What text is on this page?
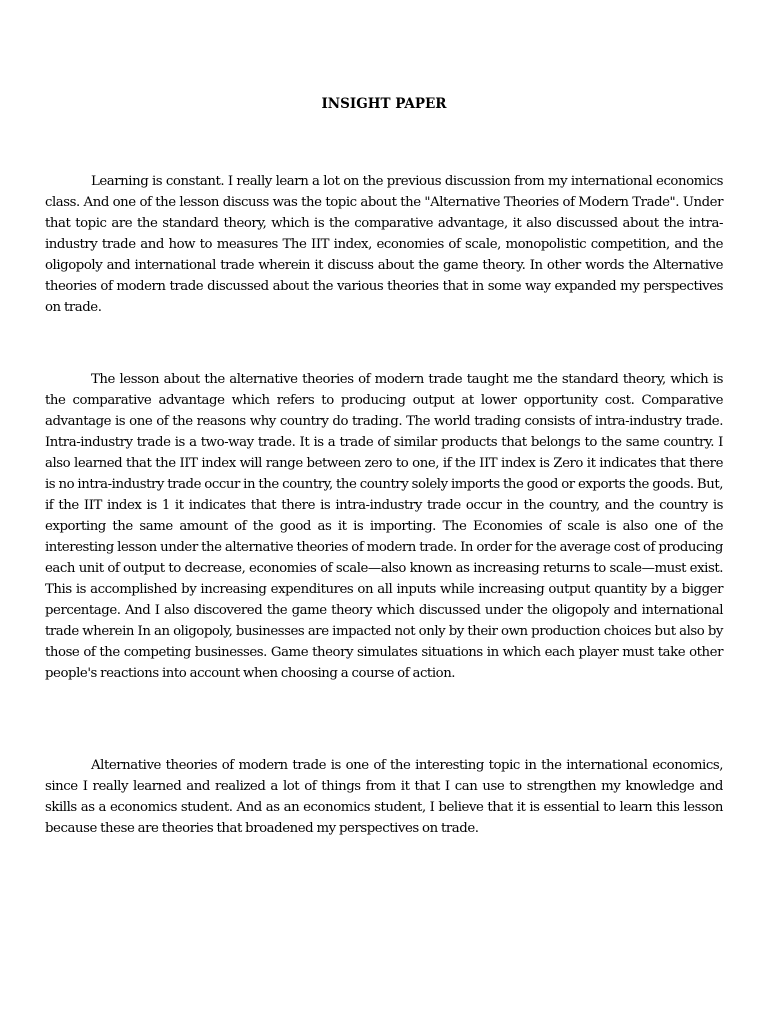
INSIGHT PAPER

Learning is constant. I really learn a lot on the previous discussion from my international economics class. And one of the lesson discuss was the topic about the "Alternative Theories of Modern Trade". Under that topic are the standard theory, which is the comparative advantage, it also discussed about the intra-industry trade and how to measures The IIT index, economies of scale, monopolistic competition, and the oligopoly and international trade wherein it discuss about the game theory. In other words the Alternative theories of modern trade discussed about the various theories that in some way expanded my perspectives on trade.

The lesson about the alternative theories of modern trade taught me the standard theory, which is the comparative advantage which refers to producing output at lower opportunity cost. Comparative advantage is one of the reasons why country do trading. The world trading consists of intra-industry trade. Intra-industry trade is a two-way trade. It is a trade of similar products that belongs to the same country. I also learned that the IIT index will range between zero to one, if the IIT index is Zero it indicates that there is no intra-industry trade occur in the country, the country solely imports the good or exports the goods. But, if the IIT index is 1 it indicates that there is intra-industry trade occur in the country, and the country is exporting the same amount of the good as it is importing. The Economies of scale is also one of the interesting lesson under the alternative theories of modern trade. In order for the average cost of producing each unit of output to decrease, economies of scale—also known as increasing returns to scale—must exist. This is accomplished by increasing expenditures on all inputs while increasing output quantity by a bigger percentage. And I also discovered the game theory which discussed under the oligopoly and international trade wherein In an oligopoly, businesses are impacted not only by their own production choices but also by those of the competing businesses. Game theory simulates situations in which each player must take other people's reactions into account when choosing a course of action.

Alternative theories of modern trade is one of the interesting topic in the international economics, since I really learned and realized a lot of things from it that I can use to strengthen my knowledge and skills as a economics student. And as an economics student, I believe that it is essential to learn this lesson because these are theories that broadened my perspectives on trade.
